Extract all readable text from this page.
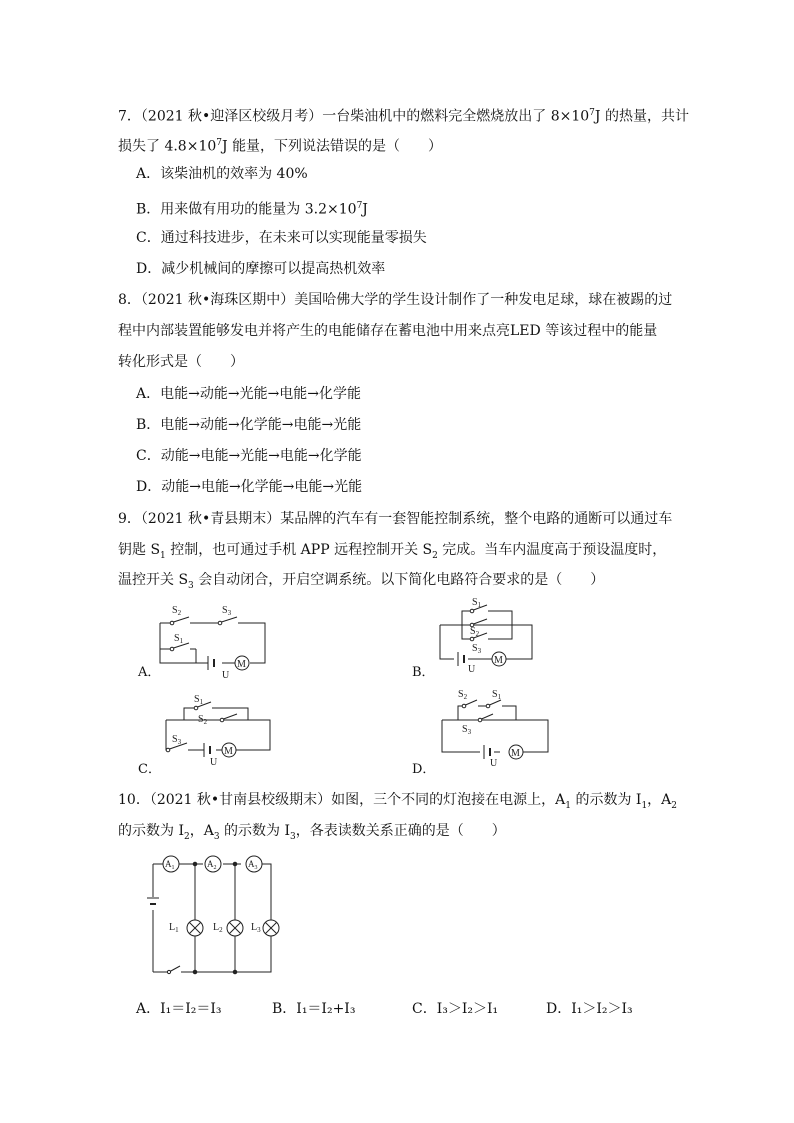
7．（2021 秋•迎泽区校级月考）一台柴油机中的燃料完全燃烧放出了 $8\times 10^7J$ 的热量，共计
损失了 $4.8\times 10^7J$ 能量，下列说法错误的是（　　）
A．该柴油机的效率为 40%
B．用来做有用功的能量为 $3.2\times 10^7J$
C．通过科技进步，在未来可以实现能量零损失
D．减少机械间的摩擦可以提高热机效率
8．（2021 秋•海珠区期中）美国哈佛大学的学生设计制作了一种发电足球，球在被踢的过
程中内部装置能够发电并将产生的电能储存在蓄电池中用来点亮LED 等该过程中的能量
转化形式是（　　）
A．电能→动能→光能→电能→化学能
B．电能→动能→化学能→电能→光能
C．动能→电能→光能→电能→化学能
D．动能→电能→化学能→电能→光能
9．（2021 秋•青县期末）某品牌的汽车有一套智能控制系统，整个电路的通断可以通过车
钥匙 $S_1$ 控制，也可通过手机 APP 远程控制开关 $S_2$ 完成。当车内温度高于预设温度时，
温控开关 $S_3$ 会自动闭合，开启空调系统。以下简化电路符合要求的是（　　）
A．	B．
C．	D．
$S_2$	$S_3$
$S_1$
U
M
$S_1$
$S_2$
$S_3$
U
M
$S_1$
$S_2$
$S_3$
U
M
$S_2$ $S_1$
$S_3$
U
M
10．（2021 秋•甘南县校级期末）如图，三个不同的灯泡接在电源上，$A_1$ 的示数为 $I_1$，$A_2$
的示数为 $I_2$，$A_3$ 的示数为 $I_3$，各表读数关系正确的是（　　）
$A_1$	$A_2$	$A_3$
$L_1$	$L_2$	$L_3$
A．I₁＝I₂＝I₃	B．I₁＝I₂+I₃	C．I₃＞I₂＞I₁	D．I₁＞I₂＞I₃
